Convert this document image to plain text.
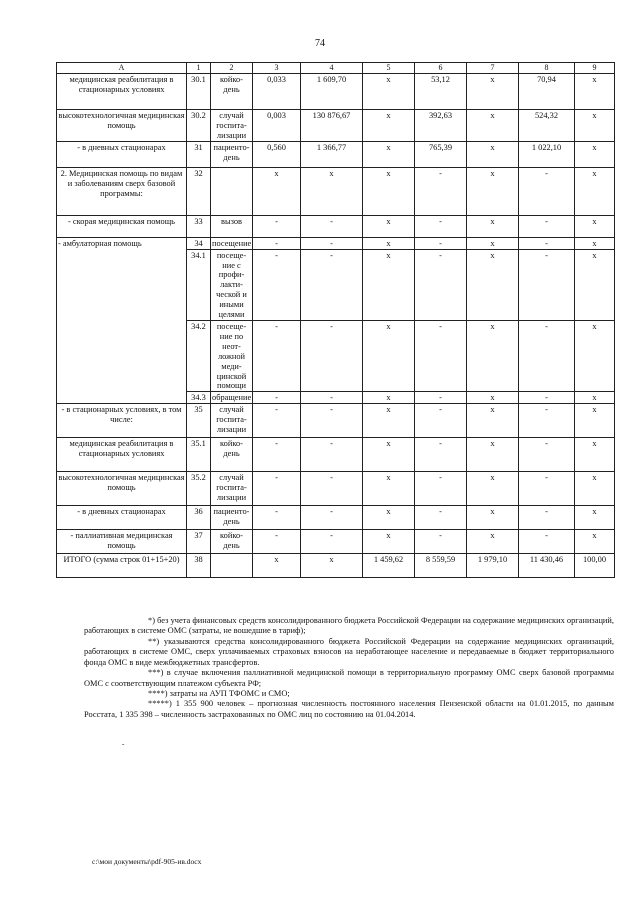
74
А	1	2	3	4	5	6	7	8	9
медицинская реабилитация в стационарных условиях	30.1	койко-день	0,033	1 609,70	х	53,12	х	70,94	х
высокотехнологичная медицинская помощь	30.2	случай госпита-лизации	0,003	130 876,67	х	392,63	х	524,32	х
- в дневных стационарах	31	пациенто-день	0,560	1 366,77	х	765,39	х	1 022,10	х
2. Медицинская помощь по видам и заболеваниям сверх базовой программы:	32		х	х	х	-	х	-	х
- скорая медицинская помощь	33	вызов	-	-	х	-	х	-	х
- амбулаторная помощь	34	посещение	-	-	х	-	х	-	х
	34.1	посеще-ние с профи-лакти-ческой и иными целями	-	-	х	-	х	-	х
	34.2	посеще-ние по неот-ложной меди-цинской помощи	-	-	х	-	х	-	х
	34.3	обращение	-	-	х	-	х	-	х
- в стационарных условиях, в том числе:	35	случай госпита-лизации	-	-	х	-	х	-	х
медицинская реабилитация в стационарных условиях	35.1	койко-день	-	-	х	-	х	-	х
высокотехнологичная медицинская помощь	35.2	случай госпита-лизации	-	-	х	-	х	-	х
- в дневных стационарах	36	пациенто-день	-	-	х	-	х	-	х
- паллиативная медицинская помощь	37	койко-день	-	-	х	-	х	-	х
ИТОГО (сумма строк 01+15+20)	38		х	х	1 459,62	8 559,59	1 979,10	11 430,46	100,00

*) без учета финансовых средств консолидированного бюджета Российской Федерации на содержание медицинских организаций, работающих в системе ОМС (затраты, не вошедшие в тариф);

**) указываются средства консолидированного бюджета Российской Федерации на содержание медицинских организаций, работающих в системе ОМС, сверх уплачиваемых страховых взносов на неработающее население и передаваемые в бюджет территориального фонда ОМС в виде межбюджетных трансфертов.

***) в случае включения паллиативной медицинской помощи в территориальную программу ОМС сверх базовой программы ОМС с соответствующим платежом субъекта РФ;

****) затраты на АУП ТФОМС и СМО;

*****) 1 355 900 человек – прогнозная численность постоянного населения Пензенской области на 01.01.2015, по данным Росстата, 1 335 398 – численность застрахованных по ОМС лиц по состоянию на 01.04.2014.

-
c:\мои документы\pdf-905-ив.docx
